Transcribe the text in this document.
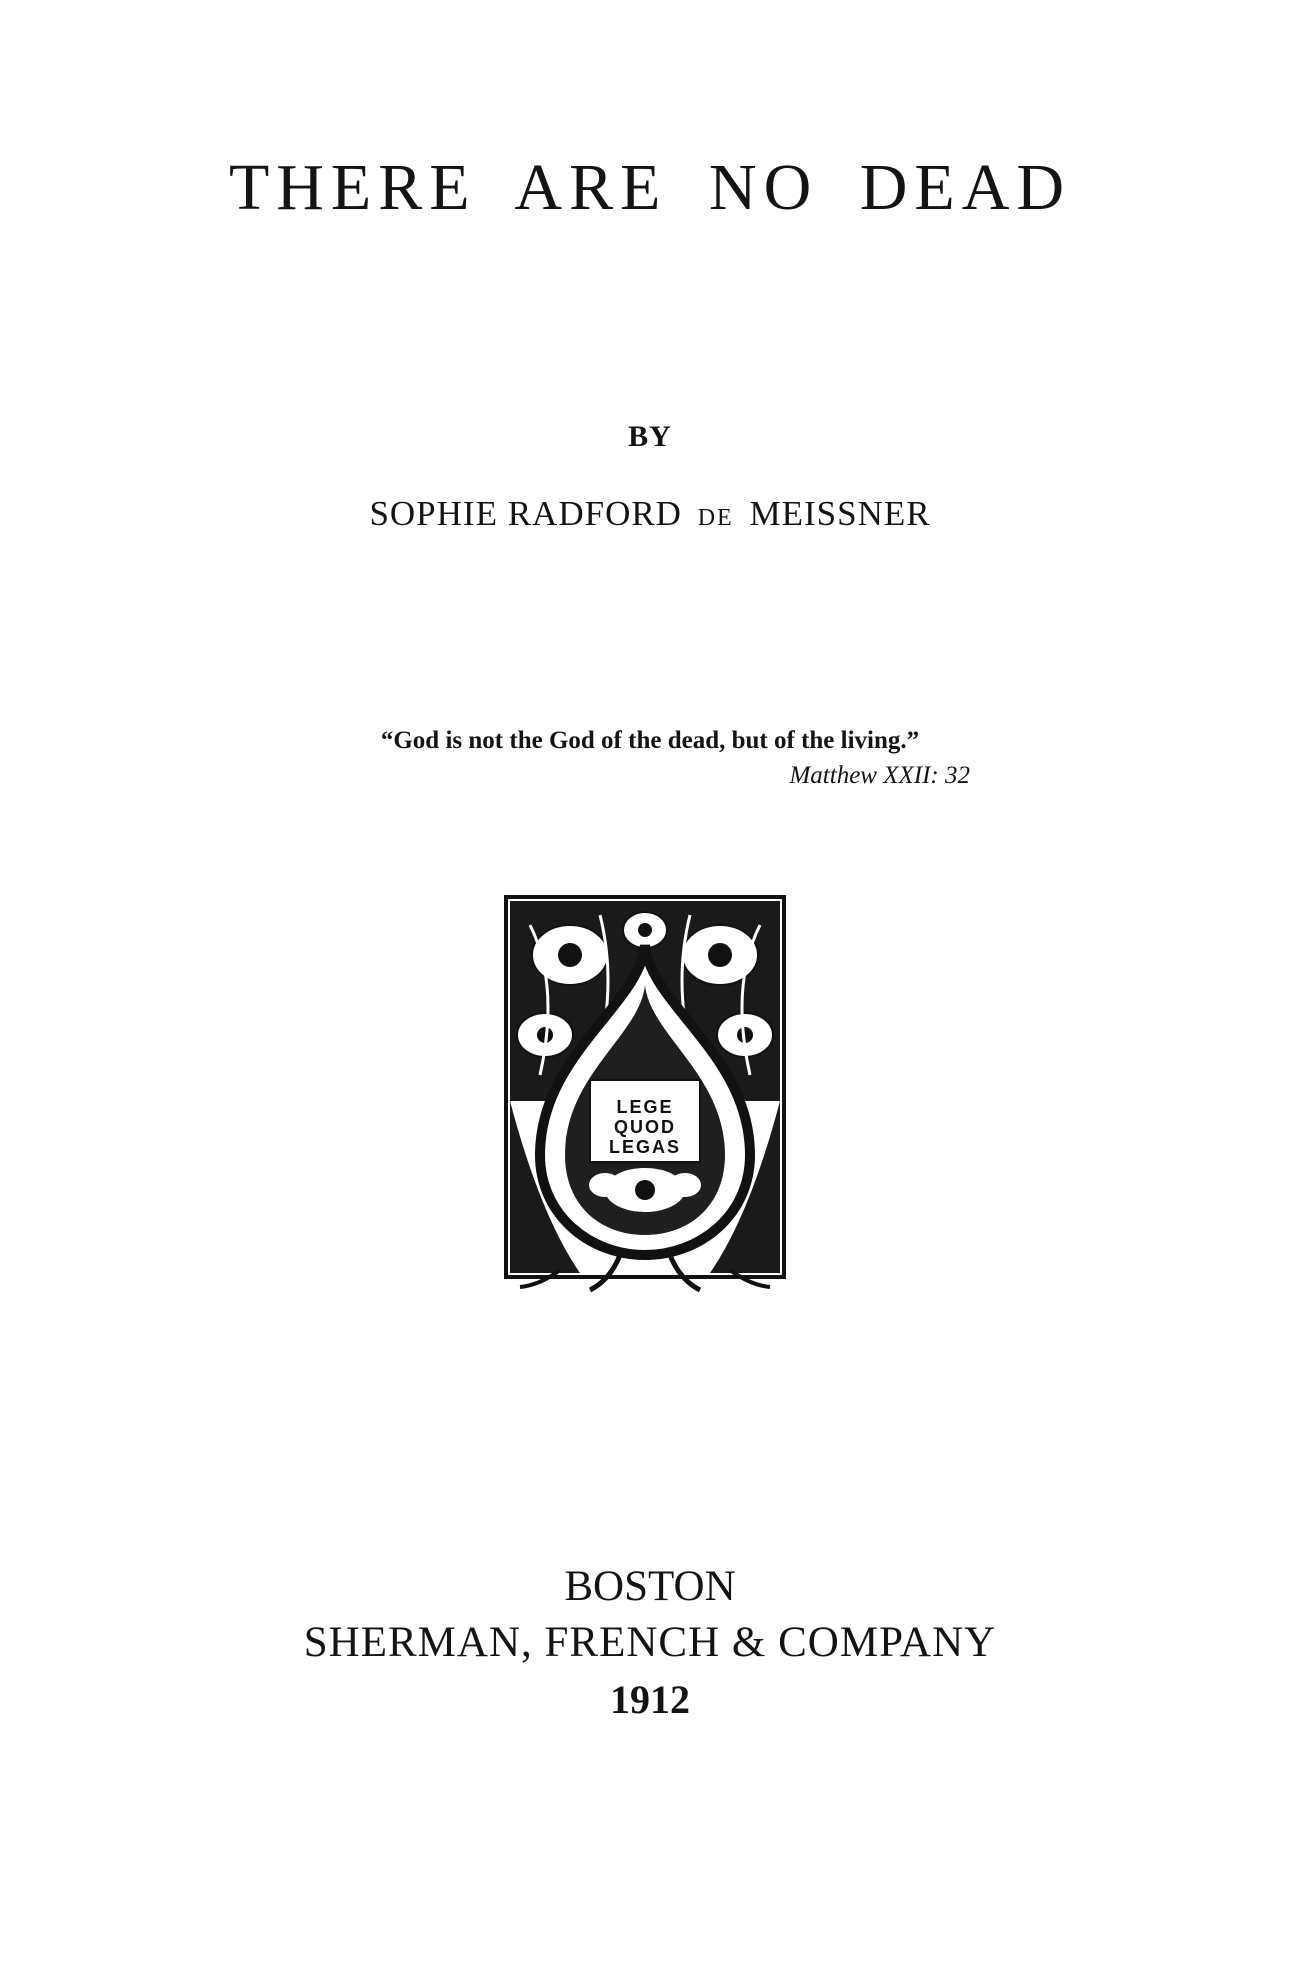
THERE ARE NO DEAD
BY
SOPHIE RADFORD DE MEISSNER
“God is not the God of the dead, but of the living.”
Matthew XXII: 32
LEGE
QUOD
LEGAS
BOSTON
SHERMAN, FRENCH & COMPANY
1912
